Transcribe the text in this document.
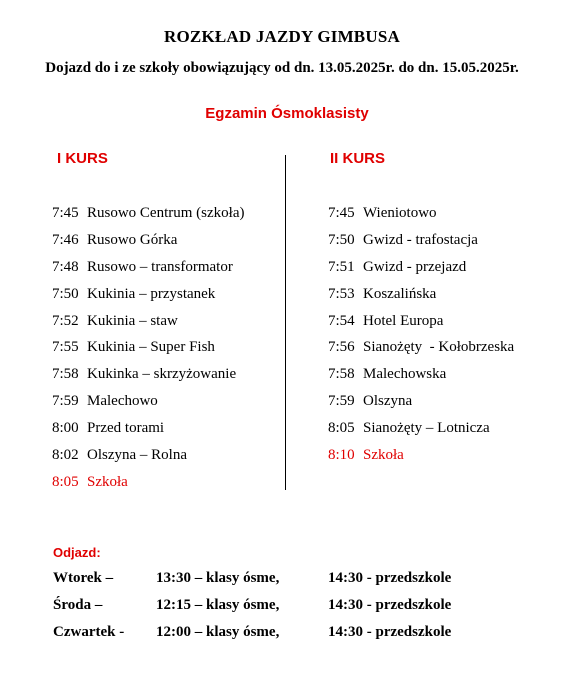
ROZKŁAD JAZDY GIMBUSA
Dojazd do i ze szkoły obowiązujący od dn. 13.05.2025r. do dn. 15.05.2025r.
Egzamin Ósmoklasisty
I KURS	II KURS
7:45 Rusowo Centrum (szkoła)
7:46 Rusowo Górka
7:48 Rusowo – transformator
7:50 Kukinia – przystanek
7:52 Kukinia – staw
7:55 Kukinia – Super Fish
7:58 Kukinka – skrzyżowanie
7:59 Malechowo
8:00 Przed torami
8:02 Olszyna – Rolna
8:05 Szkoła
7:45 Wieniotowo
7:50 Gwizd - trafostacja
7:51 Gwizd - przejazd
7:53 Koszalińska
7:54 Hotel Europa
7:56 Sianożęty  - Kołobrzeska
7:58 Malechowska
7:59 Olszyna
8:05 Sianożęty – Lotnicza
8:10 Szkoła
Odjazd:
Wtorek –	13:30 – klasy ósme,	14:30 - przedszkole
Środa –	12:15 – klasy ósme,	14:30 - przedszkole
Czwartek - 12:00 – klasy ósme,	14:30 - przedszkole
